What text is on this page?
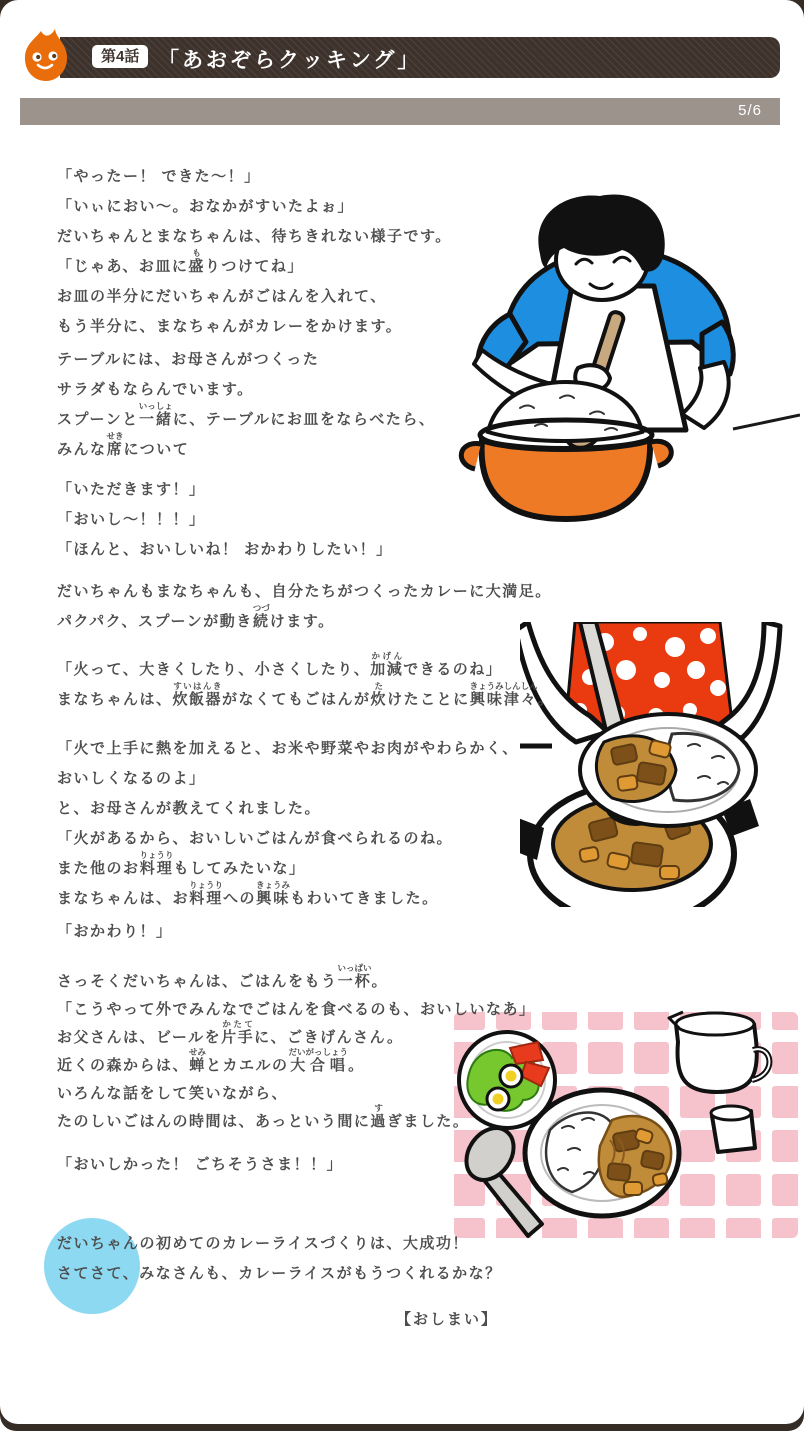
第4話 「あおぞらクッキング」
5/6
「やったー！ できた〜！」
「いぃにおい〜。おなかがすいたよぉ」
だいちゃんとまなちゃんは、待ちきれない様子です。
「じゃあ、お皿に 盛も
りつけてね」
お皿の半分にだいちゃんがごはんを入れて、
もう半分に、まなちゃんがカレーをかけます。
テーブルには、お母さんがつくった
サラダもならんでいます。
スプーンと 一緒いっしょ
に、テーブルにお皿をならべたら、
みんな 席せき
について
「いただきます！」
「おいし〜！！！」
「ほんと、おいしいね！ おかわりしたい！」
だいちゃんもまなちゃんも、自分たちがつくったカレーに大満足。
パクパク、スプーンが動き 続つづ
けます。
「火って、大きくしたり、小さくしたり、 加減かげん
できるのね」
まなちゃんは、 炊飯器すいはんき
がなくてもごはんが 炊た
けたことに 興味津々きょうみしんしん
。
「火で上手に熱を加えると、お米や野菜やお肉がやわらかく、
おいしくなるのよ」
と、お母さんが教えてくれました。
「火があるから、おいしいごはんが食べられるのね。
また他のお 料理りょうり
もしてみたいな」
まなちゃんは、お 料理りょうり
への 興味きょうみ
もわいてきました。
「おかわり！」
さっそくだいちゃんは、ごはんをもう 一杯いっぱい
。
「こうやって外でみんなでごはんを食べるのも、おいしいなあ」
お父さんは、ビールを 片手かたて
に、ごきげんさん。
近くの森からは、 蝉せみ
とカエルの 大合唱だいがっしょう
。
いろんな話をして笑いながら、
たのしいごはんの時間は、あっという間に 過す
ぎました。
「おいしかった！ ごちそうさま！！」
だいちゃんの初めてのカレーライスづくりは、大成功！
さてさて、みなさんも、カレーライスがもうつくれるかな？
【おしまい】
